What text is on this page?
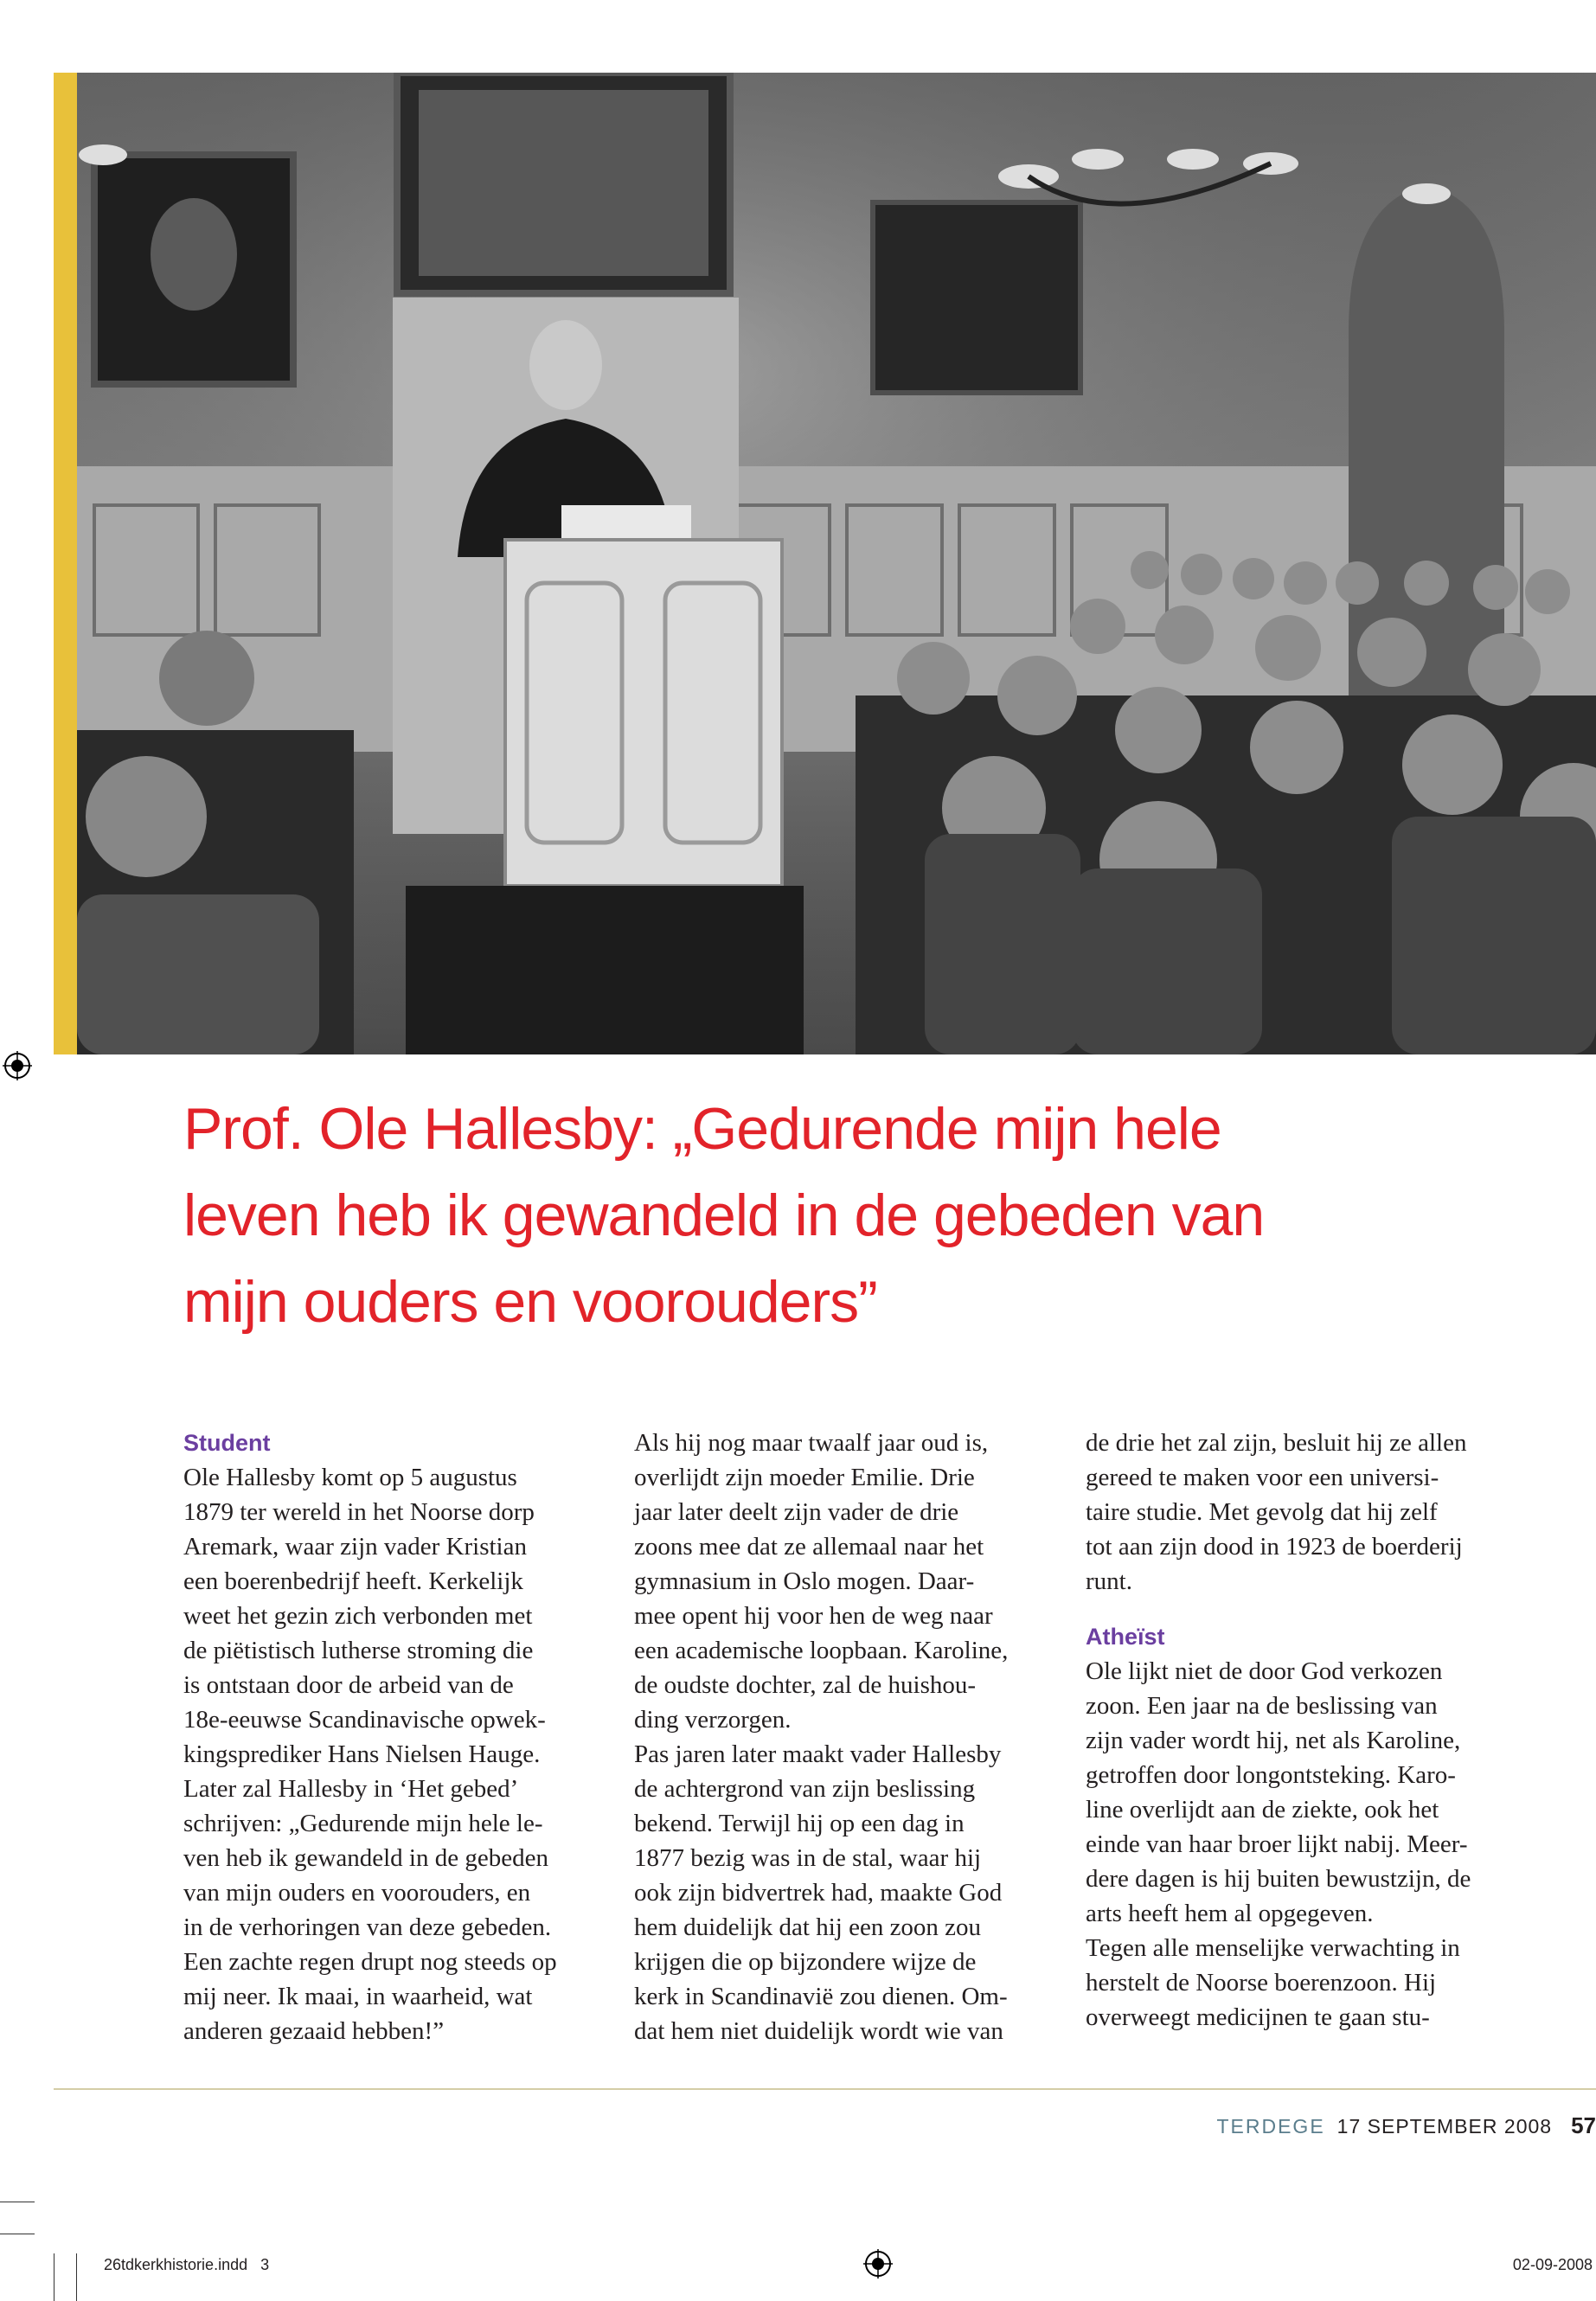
Prof. Ole Hallesby: „Gedurende mijn hele
leven heb ik gewandeld in de gebeden van
mijn ouders en voorouders”

Student

Ole Hallesby komt op 5 augustus

1879 ter wereld in het Noorse dorp

Aremark, waar zijn vader Kristian

een boerenbedrijf heeft. Kerkelijk

weet het gezin zich verbonden met

de piëtistisch lutherse stroming die

is ontstaan door de arbeid van de

18e-eeuwse Scandinavische opwek-

kingsprediker Hans Nielsen Hauge.

Later zal Hallesby in ‘Het gebed’

schrijven: „Gedurende mijn hele le-

ven heb ik gewandeld in de gebeden

van mijn ouders en voorouders, en

in de verhoringen van deze gebeden.

Een zachte regen drupt nog steeds op

mij neer. Ik maai, in waarheid, wat

anderen gezaaid hebben!”

Als hij nog maar twaalf jaar oud is,

overlijdt zijn moeder Emilie. Drie

jaar later deelt zijn vader de drie

zoons mee dat ze allemaal naar het

gymnasium in Oslo mogen. Daar-

mee opent hij voor hen de weg naar

een academische loopbaan. Karoline,

de oudste dochter, zal de huishou-

ding verzorgen.

Pas jaren later maakt vader Hallesby

de achtergrond van zijn beslissing

bekend. Terwijl hij op een dag in

1877 bezig was in de stal, waar hij

ook zijn bidvertrek had, maakte God

hem duidelijk dat hij een zoon zou

krijgen die op bijzondere wijze de

kerk in Scandinavië zou dienen. Om-

dat hem niet duidelijk wordt wie van

de drie het zal zijn, besluit hij ze allen

gereed te maken voor een universi-

taire studie. Met gevolg dat hij zelf

tot aan zijn dood in 1923 de boerderij

runt.

Atheïst

Ole lijkt niet de door God verkozen

zoon. Een jaar na de beslissing van

zijn vader wordt hij, net als Karoline,

getroffen door longontsteking. Karo-

line overlijdt aan de ziekte, ook het

einde van haar broer lijkt nabij. Meer-

dere dagen is hij buiten bewustzijn, de

arts heeft hem al opgegeven.

Tegen alle menselijke verwachting in

herstelt de Noorse boerenzoon. Hij

overweegt medicijnen te gaan stu-

TERDEGE 17 SEPTEMBER 2008 57
26tdkerkhistorie.indd   3	02-09-2008
